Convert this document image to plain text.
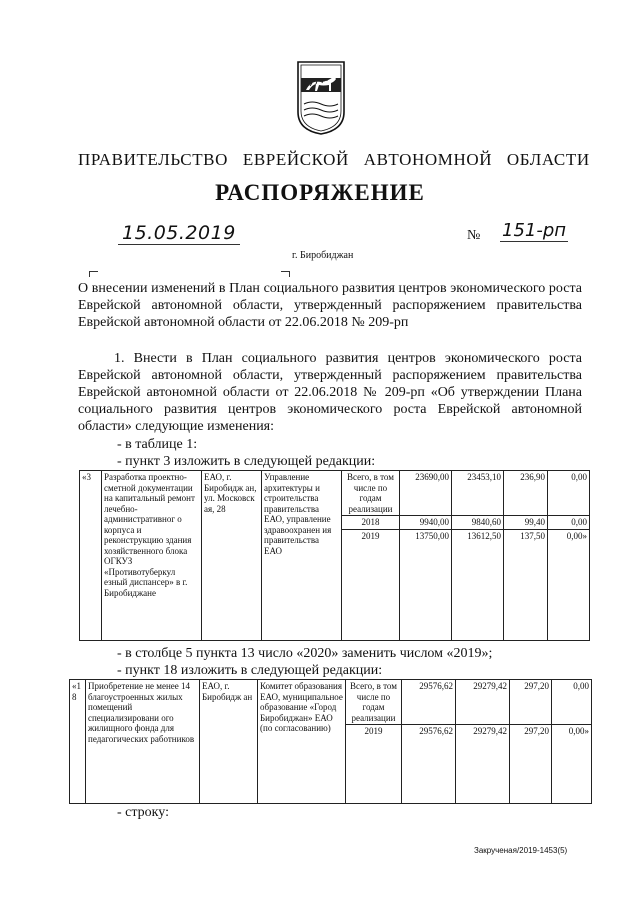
ПРАВИТЕЛЬСТВО ЕВРЕЙСКОЙ АВТОНОМНОЙ ОБЛАСТИ
РАСПОРЯЖЕНИЕ
15.05.2019	№ 151-рп
г. Биробиджан
О внесении изменений в План социального развития центров экономического роста Еврейской автономной области, утвержденный распоряжением правительства Еврейской автономной области от 22.06.2018 № 209-рп
1. Внести в План социального развития центров экономического роста Еврейской автономной области, утвержденный распоряжением правительства Еврейской автономной области от 22.06.2018 № 209-рп «Об утверждении Плана социального развития центров экономического роста Еврейской автономной области» следующие изменения:
- в таблице 1:
- пункт 3 изложить в следующей редакции:
«3	Разработка проектно- сметной документации на капитальный ремонт лечебно-административног о корпуса и реконструкцию здания хозяйственного блока ОГКУЗ «Противотуберкул езный диспансер» в г. Биробиджане	ЕАО, г. Биробидж ан, ул. Московск ая, 28	Управление архитектуры и строительства правительства ЕАО, управление здравоохранен ия правительства ЕАО	Всего, в том числе по годам реализации	23690,00	23453,10	236,90	0,00
				2018	9940,00	9840,60	99,40	0,00
				2019	13750,00	13612,50	137,50	0,00»
- в столбце 5 пункта 13 число «2020» заменить числом «2019»;
- пункт 18 изложить в следующей редакции:
«18	Приобретение не менее 14 благоустроенных жилых помещений специализировани ого жилищного фонда для педагогических работников	ЕАО, г. Биробидж ан	Комитет образования ЕАО, муниципальное образование «Город Биробиджан» ЕАО (по согласованию)	Всего, в том числе по годам реализации	29576,62	29279,42	297,20	0,00
				2019	29576,62	29279,42	297,20	0,00»
- строку:
Закрученая/2019-1453(5)
